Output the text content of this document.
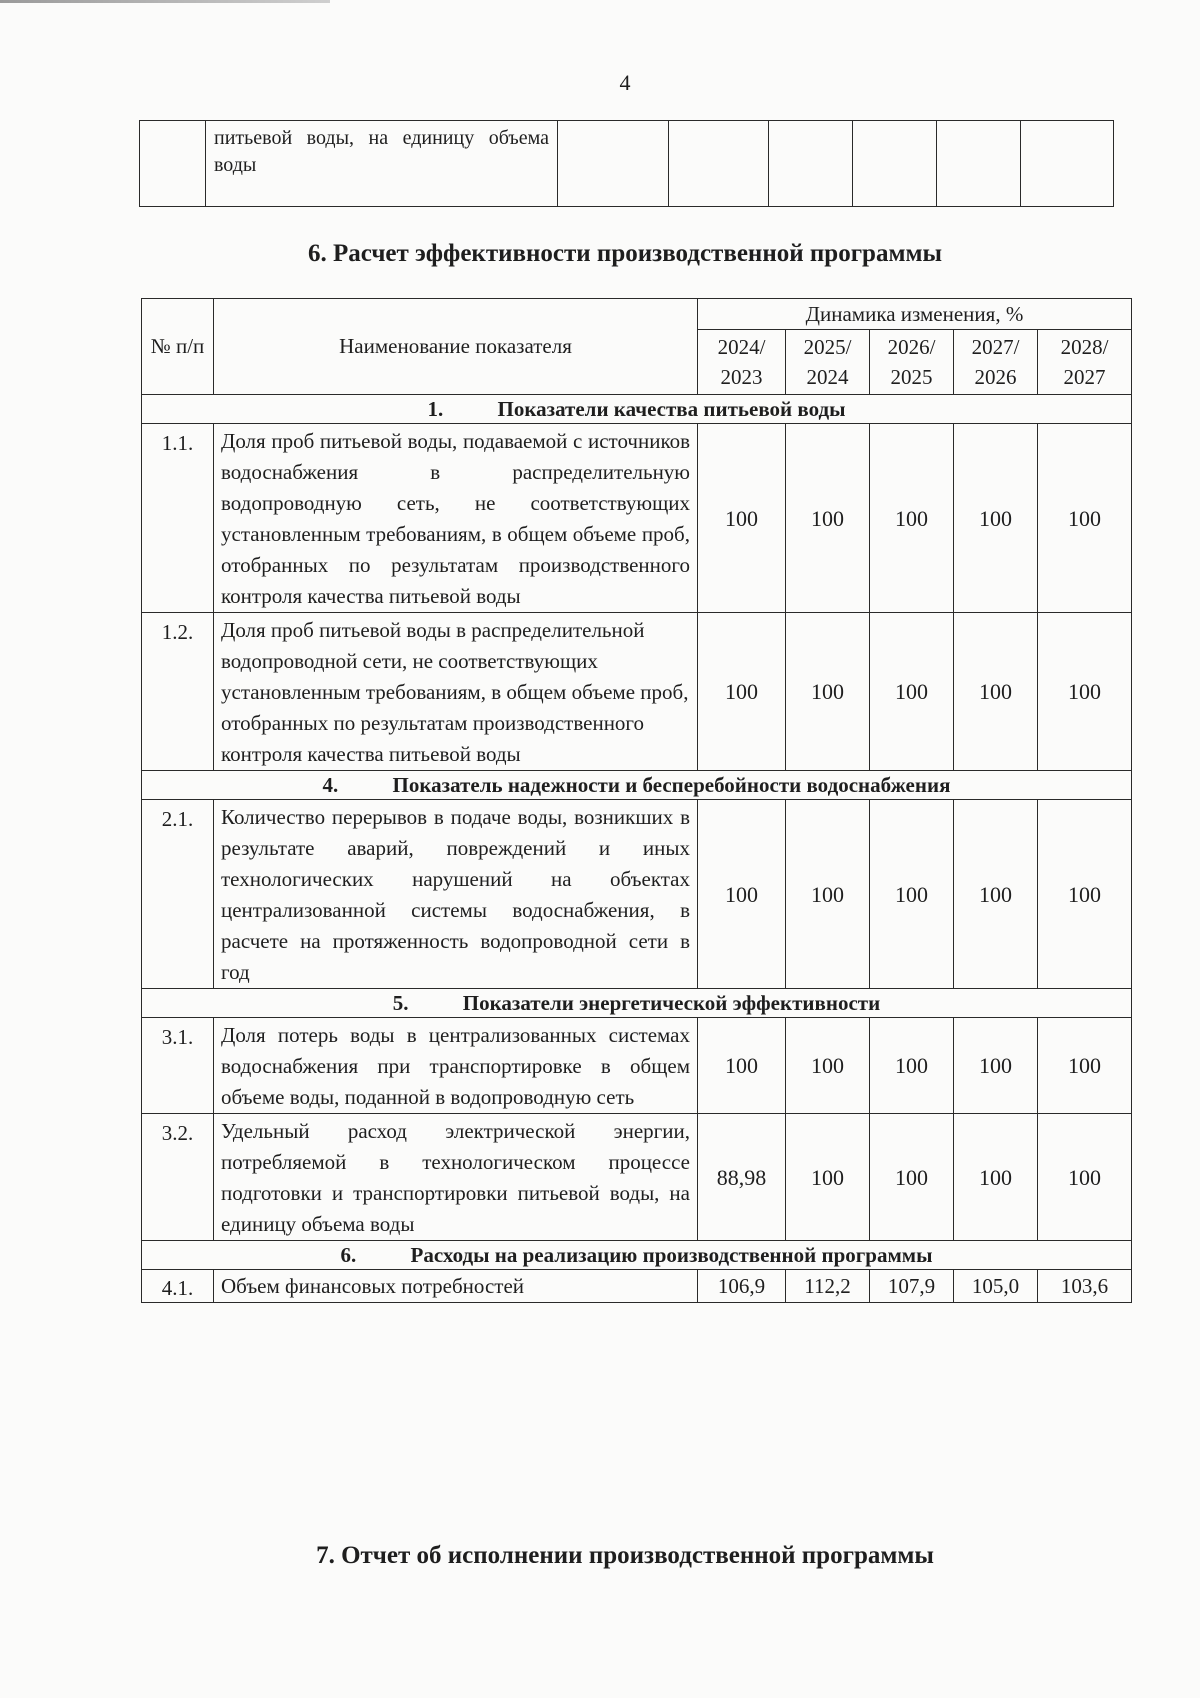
4
	питьевой воды, на единицу объема воды						
6. Расчет эффективности производственной программы
№ п/п	Наименование показателя	Динамика изменения, %				
		2024/ 2023	2025/ 2024	2026/ 2025	2027/ 2026	2028/ 2027
1. Показатели качества питьевой воды						
1.1.	Доля проб питьевой воды, подаваемой с источников водоснабжения в распределительную водопроводную сеть, не соответствующих установленным требованиям, в общем объеме проб, отобранных по результатам производственного контроля качества питьевой воды	100	100	100	100	100
1.2.	Доля проб питьевой воды в распределительной водопроводной сети, не соответствующих установленным требованиям, в общем объеме проб, отобранных по результатам производственного контроля качества питьевой воды	100	100	100	100	100
4. Показатель надежности и бесперебойности водоснабжения						
2.1.	Количество перерывов в подаче воды, возникших в результате аварий, повреждений и иных технологических нарушений на объектах централизованной системы водоснабжения, в расчете на протяженность водопроводной сети в год	100	100	100	100	100
5. Показатели энергетической эффективности						
3.1.	Доля потерь воды в централизованных системах водоснабжения при транспортировке в общем объеме воды, поданной в водопроводную сеть	100	100	100	100	100
3.2.	Удельный расход электрической энергии, потребляемой в технологическом процессе подготовки и транспортировки питьевой воды, на единицу объема воды	88,98	100	100	100	100
6. Расходы на реализацию производственной программы						
4.1.	Объем финансовых потребностей	106,9	112,2	107,9	105,0	103,6
7. Отчет об исполнении производственной программы
